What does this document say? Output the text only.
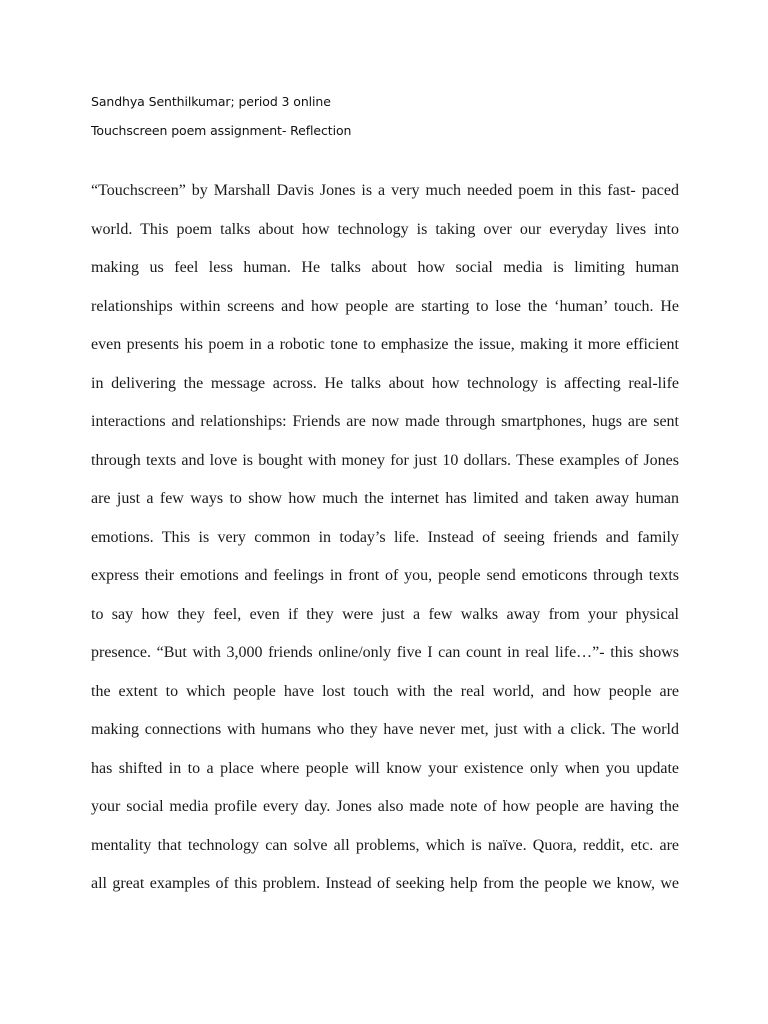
Sandhya Senthilkumar; period 3 online
Touchscreen poem assignment- Reflection
“Touchscreen” by Marshall Davis Jones is a very much needed poem in this fast- paced
world. This poem talks about how technology is taking over our everyday lives into
making us feel less human. He talks about how social media is limiting human
relationships within screens and how people are starting to lose the ‘human’ touch. He
even presents his poem in a robotic tone to emphasize the issue, making it more efficient
in delivering the message across. He talks about how technology is affecting real-life
interactions and relationships: Friends are now made through smartphones, hugs are sent
through texts and love is bought with money for just 10 dollars. These examples of Jones
are just a few ways to show how much the internet has limited and taken away human
emotions. This is very common in today’s life. Instead of seeing friends and family
express their emotions and feelings in front of you, people send emoticons through texts
to say how they feel, even if they were just a few walks away from your physical
presence. “But with 3,000 friends online/only five I can count in real life…”- this shows
the extent to which people have lost touch with the real world, and how people are
making connections with humans who they have never met, just with a click. The world
has shifted in to a place where people will know your existence only when you update
your social media profile every day. Jones also made note of how people are having the
mentality that technology can solve all problems, which is naïve. Quora, reddit, etc. are
all great examples of this problem. Instead of seeking help from the people we know, we
